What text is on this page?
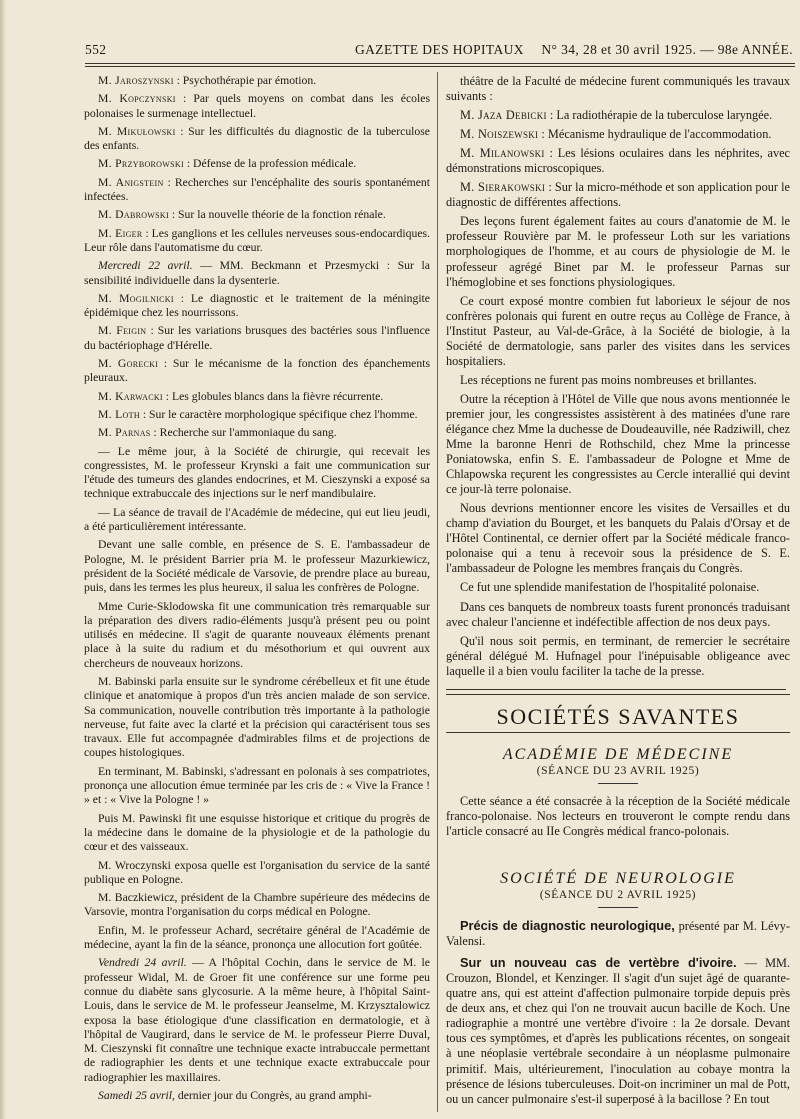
552	GAZETTE DES HOPITAUX N° 34, 28 et 30 avril 1925. — 98e ANNÉE.

M. Jaroszynski : Psychothérapie par émotion.

M. Kopczynski : Par quels moyens on combat dans les écoles polonaises le surmenage intellectuel.

M. Mikułowski : Sur les difficultés du diagnostic de la tuberculose des enfants.

M. Przyborowski : Défense de la profession médicale.

M. Anigstein : Recherches sur l'encéphalite des souris spontanément infectées.

M. Dabrowski : Sur la nouvelle théorie de la fonction rénale.

M. Eiger : Les ganglions et les cellules nerveuses sous-endocardiques. Leur rôle dans l'automatisme du cœur.

Mercredi 22 avril. — MM. Beckmann et Przesmycki : Sur la sensibilité individuelle dans la dysenterie.

M. Mogilnicki : Le diagnostic et le traitement de la méningite épidémique chez les nourrissons.

M. Feigin : Sur les variations brusques des bactéries sous l'influence du bactériophage d'Hérelle.

M. Gorecki : Sur le mécanisme de la fonction des épanchements pleuraux.

M. Karwacki : Les globules blancs dans la fièvre récurrente.

M. Loth : Sur le caractère morphologique spécifique chez l'homme.

M. Parnas : Recherche sur l'ammoniaque du sang.

— Le même jour, à la Société de chirurgie, qui recevait les congressistes, M. le professeur Krynski a fait une communication sur l'étude des tumeurs des glandes endocrines, et M. Cieszynski a exposé sa technique extrabuccale des injections sur le nerf mandibulaire.

— La séance de travail de l'Académie de médecine, qui eut lieu jeudi, a été particulièrement intéressante.

Devant une salle comble, en présence de S. E. l'ambassadeur de Pologne, M. le président Barrier pria M. le professeur Mazurkiewicz, président de la Société médicale de Varsovie, de prendre place au bureau, puis, dans les termes les plus heureux, il salua les confrères de Pologne.

Mme Curie-Sklodowska fit une communication très remarquable sur la préparation des divers radio-éléments jusqu'à présent peu ou point utilisés en médecine. Il s'agit de quarante nouveaux éléments prenant place à la suite du radium et du mésothorium et qui ouvrent aux chercheurs de nouveaux horizons.

M. Babinski parla ensuite sur le syndrome cérébelleux et fit une étude clinique et anatomique à propos d'un très ancien malade de son service. Sa communication, nouvelle contribution très importante à la pathologie nerveuse, fut faite avec la clarté et la précision qui caractérisent tous ses travaux. Elle fut accompagnée d'admirables films et de projections de coupes histologiques.

En terminant, M. Babinski, s'adressant en polonais à ses compatriotes, prononça une allocution émue terminée par les cris de : « Vive la France ! » et : « Vive la Pologne ! »

Puis M. Pawinski fit une esquisse historique et critique du progrès de la médecine dans le domaine de la physiologie et de la pathologie du cœur et des vaisseaux.

M. Wroczynski exposa quelle est l'organisation du service de la santé publique en Pologne.

M. Baczkiewicz, président de la Chambre supérieure des médecins de Varsovie, montra l'organisation du corps médical en Pologne.

Enfin, M. le professeur Achard, secrétaire général de l'Académie de médecine, ayant la fin de la séance, prononça une allocution fort goûtée.

Vendredi 24 avril. — A l'hôpital Cochin, dans le service de M. le professeur Widal, M. de Groer fit une conférence sur une forme peu connue du diabète sans glycosurie. A la même heure, à l'hôpital Saint-Louis, dans le service de M. le professeur Jeanselme, M. Krzysztalowicz exposa la base étiologique d'une classification en dermatologie, et à l'hôpital de Vaugirard, dans le service de M. le professeur Pierre Duval, M. Cieszynski fit connaître une technique exacte intrabuccale permettant de radiographier les dents et une technique exacte extrabuccale pour radiographier les maxillaires.

Samedi 25 avril, dernier jour du Congrès, au grand amphi-

théâtre de la Faculté de médecine furent communiqués les travaux suivants :

M. Jaza Debicki : La radiothérapie de la tuberculose laryngée.

M. Noiszewski : Mécanisme hydraulique de l'accommodation.

M. Milanowski : Les lésions oculaires dans les néphrites, avec démonstrations microscopiques.

M. Sierakowski : Sur la micro-méthode et son application pour le diagnostic de différentes affections.

Des leçons furent également faites au cours d'anatomie de M. le professeur Rouvière par M. le professeur Loth sur les variations morphologiques de l'homme, et au cours de physiologie de M. le professeur agrégé Binet par M. le professeur Parnas sur l'hémoglobine et ses fonctions physiologiques.

Ce court exposé montre combien fut laborieux le séjour de nos confrères polonais qui furent en outre reçus au Collège de France, à l'Institut Pasteur, au Val-de-Grâce, à la Société de biologie, à la Société de dermatologie, sans parler des visites dans les services hospitaliers.

Les réceptions ne furent pas moins nombreuses et brillantes.

Outre la réception à l'Hôtel de Ville que nous avons mentionnée le premier jour, les congressistes assistèrent à des matinées d'une rare élégance chez Mme la duchesse de Doudeauville, née Radziwill, chez Mme la baronne Henri de Rothschild, chez Mme la princesse Poniatowska, enfin S. E. l'ambassadeur de Pologne et Mme de Chlapowska reçurent les congressistes au Cercle interallié qui devint ce jour-là terre polonaise.

Nous devrions mentionner encore les visites de Versailles et du champ d'aviation du Bourget, et les banquets du Palais d'Orsay et de l'Hôtel Continental, ce dernier offert par la Société médicale franco-polonaise qui a tenu à recevoir sous la présidence de S. E. l'ambassadeur de Pologne les membres français du Congrès.

Ce fut une splendide manifestation de l'hospitalité polonaise.

Dans ces banquets de nombreux toasts furent prononcés traduisant avec chaleur l'ancienne et indéfectible affection de nos deux pays.

Qu'il nous soit permis, en terminant, de remercier le secrétaire général délégué M. Hufnagel pour l'inépuisable obligeance avec laquelle il a bien voulu faciliter la tache de la presse.

SOCIÉTÉS SAVANTES
ACADÉMIE DE MÉDECINE
(SÉANCE DU 23 AVRIL 1925)

Cette séance a été consacrée à la réception de la Société médicale franco-polonaise. Nos lecteurs en trouveront le compte rendu dans l'article consacré au IIe Congrès médical franco-polonais.

SOCIÉTÉ DE NEUROLOGIE
(SÉANCE DU 2 AVRIL 1925)

Précis de diagnostic neurologique, présenté par M. Lévy-Valensi.

Sur un nouveau cas de vertèbre d'ivoire. — MM. Crouzon, Blondel, et Kenzinger. Il s'agit d'un sujet âgé de quarante-quatre ans, qui est atteint d'affection pulmonaire torpide depuis près de deux ans, et chez qui l'on ne trouvait aucun bacille de Koch. Une radiographie a montré une vertèbre d'ivoire : la 2e dorsale. Devant tous ces symptômes, et d'après les publications récentes, on songeait à une néoplasie vertébrale secondaire à un néoplasme pulmonaire primitif. Mais, ultérieurement, l'inoculation au cobaye montra la présence de lésions tuberculeuses. Doit-on incriminer un mal de Pott, ou un cancer pulmonaire s'est-il superposé à la bacillose ? En tout
